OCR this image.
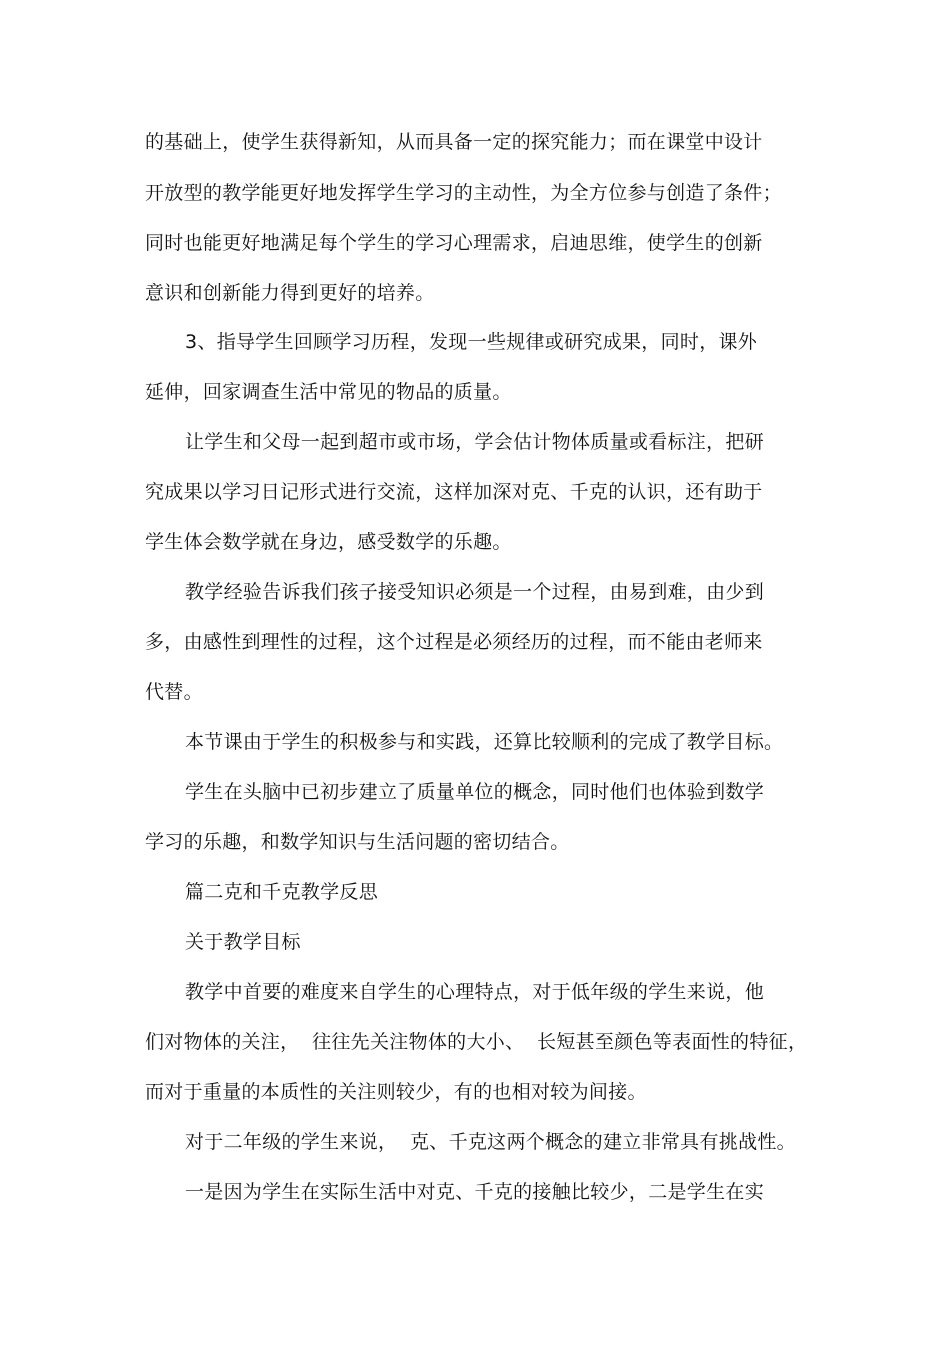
的基础上，使学生获得新知，从而具备一定的探究能力；而在课堂中设计
开放型的教学能更好地发挥学生学习的主动性，为全方位参与创造了条件；
同时也能更好地满足每个学生的学习心理需求，启迪思维，使学生的创新
意识和创新能力得到更好的培养。
3、指导学生回顾学习历程，发现一些规律或研究成果，同时，课外
延伸，回家调查生活中常见的物品的质量。
让学生和父母一起到超市或市场，学会估计物体质量或看标注，把研
究成果以学习日记形式进行交流，这样加深对克、千克的认识，还有助于
学生体会数学就在身边，感受数学的乐趣。
教学经验告诉我们孩子接受知识必须是一个过程，由易到难，由少到
多，由感性到理性的过程，这个过程是必须经历的过程，而不能由老师来
代替。
本节课由于学生的积极参与和实践，还算比较顺利的完成了教学目标。
学生在头脑中已初步建立了质量单位的概念，同时他们也体验到数学
学习的乐趣，和数学知识与生活问题的密切结合。
篇二克和千克教学反思
关于教学目标
教学中首要的难度来自学生的心理特点，对于低年级的学生来说，他
们对物体的关注，  往往先关注物体的大小、  长短甚至颜色等表面性的特征，
而对于重量的本质性的关注则较少，有的也相对较为间接。
对于二年级的学生来说，  克、千克这两个概念的建立非常具有挑战性。
一是因为学生在实际生活中对克、千克的接触比较少，二是学生在实
